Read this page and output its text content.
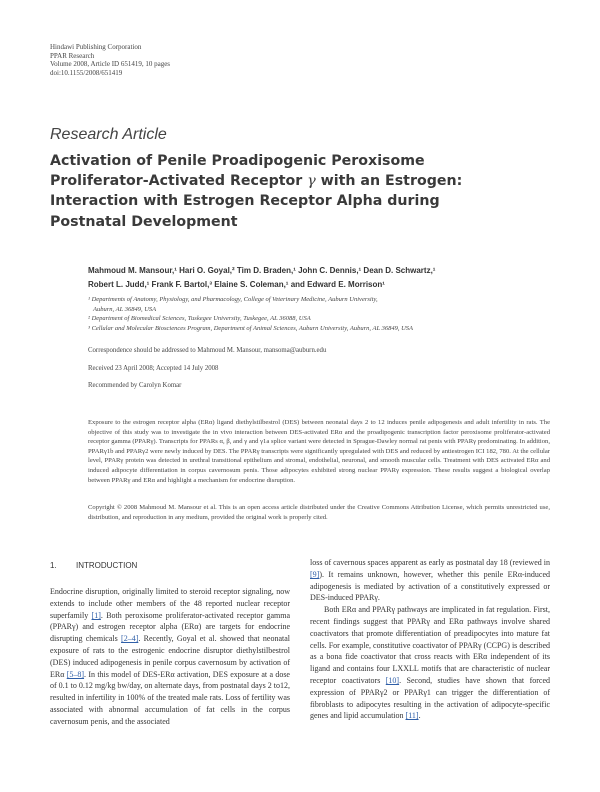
Hindawi Publishing Corporation
PPAR Research
Volume 2008, Article ID 651419, 10 pages
doi:10.1155/2008/651419
Research Article
Activation of Penile Proadipogenic Peroxisome
Proliferator-Activated Receptor γ with an Estrogen:
Interaction with Estrogen Receptor Alpha during
Postnatal Development
Mahmoud M. Mansour,¹ Hari O. Goyal,² Tim D. Braden,¹ John C. Dennis,¹ Dean D. Schwartz,¹
Robert L. Judd,¹ Frank F. Bartol,³ Elaine S. Coleman,¹ and Edward E. Morrison¹
¹ Departments of Anatomy, Physiology, and Pharmacology, College of Veterinary Medicine, Auburn University,
Auburn, AL 36849, USA
² Department of Biomedical Sciences, Tuskegee University, Tuskegee, AL 36088, USA
³ Cellular and Molecular Biosciences Program, Department of Animal Sciences, Auburn University, Auburn, AL 36849, USA
Correspondence should be addressed to Mahmoud M. Mansour, mansoma@auburn.edu
Received 23 April 2008; Accepted 14 July 2008
Recommended by Carolyn Komar
Exposure to the estrogen receptor alpha (ERα) ligand diethylstilbestrol (DES) between neonatal days 2 to 12 induces penile adipogenesis and adult infertility in rats. The objective of this study was to investigate the in vivo interaction between DES-activated ERα and the proadipogenic transcription factor peroxisome proliferator-activated receptor gamma (PPARγ). Transcripts for PPARs α, β, and γ and γ1a splice variant were detected in Sprague-Dawley normal rat penis with PPARγ predominating. In addition, PPARγ1b and PPARγ2 were newly induced by DES. The PPARγ transcripts were significantly upregulated with DES and reduced by antiestrogen ICI 182, 780. At the cellular level, PPARγ protein was detected in urethral transitional epithelium and stromal, endothelial, neuronal, and smooth muscular cells. Treatment with DES activated ERα and induced adipocyte differentiation in corpus cavernosum penis. Those adipocytes exhibited strong nuclear PPARγ expression. These results suggest a biological overlap between PPARγ and ERα and highlight a mechanism for endocrine disruption.
Copyright © 2008 Mahmoud M. Mansour et al. This is an open access article distributed under the Creative Commons Attribution License, which permits unrestricted use, distribution, and reproduction in any medium, provided the original work is properly cited.
1. INTRODUCTION

Endocrine disruption, originally limited to steroid receptor signaling, now extends to include other members of the 48 reported nuclear receptor superfamily [1]. Both peroxisome proliferator-activated receptor gamma (PPARγ) and estrogen receptor alpha (ERα) are targets for endocrine disrupting chemicals [2–4]. Recently, Goyal et al. showed that neonatal exposure of rats to the estrogenic endocrine disruptor diethylstilbestrol (DES) induced adipogenesis in penile corpus cavernosum by activation of ERα [5–8]. In this model of DES-ERα activation, DES exposure at a dose of 0.1 to 0.12 mg/kg bw/day, on alternate days, from postnatal days 2 to12, resulted in infertility in 100% of the treated male rats. Loss of fertility was associated with abnormal accumulation of fat cells in the corpus cavernosum penis, and the associated

loss of cavernous spaces apparent as early as postnatal day 18 (reviewed in [9]). It remains unknown, however, whether this penile ERα-induced adipogenesis is mediated by activation of a constitutively expressed or DES-induced PPARγ.

Both ERα and PPARγ pathways are implicated in fat regulation. First, recent findings suggest that PPARγ and ERα pathways involve shared coactivators that promote differentiation of preadipocytes into mature fat cells. For example, constitutive coactivator of PPARγ (CCPG) is described as a bona fide coactivator that cross reacts with ERα independent of its ligand and contains four LXXLL motifs that are characteristic of nuclear receptor coactivators [10]. Second, studies have shown that forced expression of PPARγ2 or PPARγ1 can trigger the differentiation of fibroblasts to adipocytes resulting in the activation of adipocyte-specific genes and lipid accumulation [11].
